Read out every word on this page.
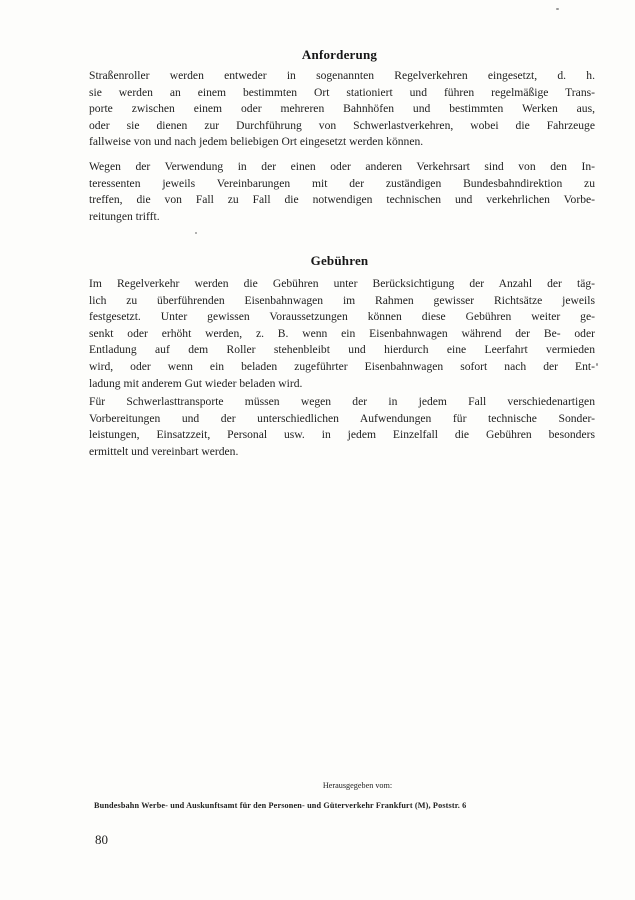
Anforderung
Straßenroller werden entweder in sogenannten Regelverkehren eingesetzt, d. h.
sie werden an einem bestimmten Ort stationiert und führen regelmäßige Trans-
porte zwischen einem oder mehreren Bahnhöfen und bestimmten Werken aus,
oder sie dienen zur Durchführung von Schwerlastverkehren, wobei die Fahrzeuge
fallweise von und nach jedem beliebigen Ort eingesetzt werden können.
Wegen der Verwendung in der einen oder anderen Verkehrsart sind von den In-
teressenten jeweils Vereinbarungen mit der zuständigen Bundesbahndirektion zu
treffen, die von Fall zu Fall die notwendigen technischen und verkehrlichen Vorbe-
reitungen trifft.
Gebühren
Im Regelverkehr werden die Gebühren unter Berücksichtigung der Anzahl der täg-
lich zu überführenden Eisenbahnwagen im Rahmen gewisser Richtsätze jeweils
festgesetzt. Unter gewissen Voraussetzungen können diese Gebühren weiter ge-
senkt oder erhöht werden, z. B. wenn ein Eisenbahnwagen während der Be- oder
Entladung auf dem Roller stehenbleibt und hierdurch eine Leerfahrt vermieden
wird, oder wenn ein beladen zugeführter Eisenbahnwagen sofort nach der Ent-
ladung mit anderem Gut wieder beladen wird.
Für Schwerlasttransporte müssen wegen der in jedem Fall verschiedenartigen
Vorbereitungen und der unterschiedlichen Aufwendungen für technische Sonder-
leistungen, Einsatzzeit, Personal usw. in jedem Einzelfall die Gebühren besonders
ermittelt und vereinbart werden.
Herausgegeben vom:
Bundesbahn Werbe- und Auskunftsamt für den Personen- und Güterverkehr Frankfurt (M), Poststr. 6
80
